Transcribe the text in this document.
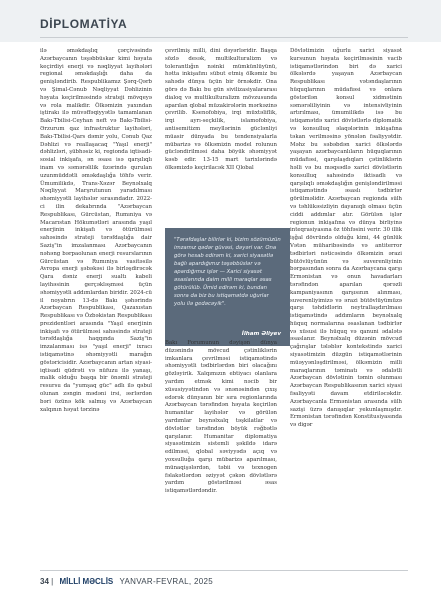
DİPLOMATİYA

ilə əməkdaşlıq çərçivəsində Azərbaycanın təşəbbüskar kimi həyata keçirdiyi enerji və nəqliyyat layihələri regional əməkdaşlığı daha da genişləndirib. Respublikamız Şərq-Qərb və Şimal-Cənub Nəqliyyat Dəhlizinin həyata keçirilməsində strateji mövqeyə və rola malikdir. Ölkəmizin yaxından iştirakı ilə müvəffəqiyyətlə tamamlanan Bakı-Tbilisi-Ceyhan neft və Bakı-Tbilisi-Ərzurum qaz infrastruktur layihələri, Bakı-Tbilisi-Qars dəmir yolu, Cənub Qaz Dəhlizi və reallaşacaq "Yaşıl enerji" dəhlizləri, şübhəsiz ki, regionda iqtisadi-sosial inkişafa, ən əsası isə qarşılıqlı inam və səmərəlilik üzərində qurulan uzunmüddətli əməkdaşlığa töhfə verir. Ümumilikdə, Trans-Xəzər Beynəlxalq Nəqliyyat Marşrutunun yaradılması əhəmiyyətli layihələr sırasındadır. 2022-ci ilin dekabrında "Azərbaycan Respublikası, Gürcüstan, Rumıniya və Macarıstan Hökumətləri arasında yaşıl enerjinin inkişafı və ötürülməsi sahəsində strateji tərəfdaşlığa dair Saziş"in imzalanması Azərbaycanın nəhəng bərpaolunan enerji resurslarının Gürcüstan və Rumıniya vasitəsilə Avropa enerji şəbəkəsi ilə birləşdirəcək Qara dəniz enerji sualtı kabeli layihəsinin gerçəkləşməsi üçün əhəmiyyətli addımlardan biridir. 2024-cü il noyabrın 13-də Bakı şəhərində Azərbaycan Respublikası, Qazaxıstan Respublikası və Özbəkistan Respublikası prezidentləri arasında "Yaşıl enerjinin inkişafı və ötürülməsi sahəsində strateji tərəfdaşlığa haqqında Saziş"in imzalanması isə "yaşıl enerji" ixracı istiqamətinə əhəmiyyətli marağın göstəricisidir. Azərbaycanın artan siyasi-iqtisadi qüdrəti və nüfuzu ilə yanaşı, malik olduğu başqa bir önəmli strateji resursu da "yumşaq güc" adlı ilə qəbul olunan zəngin mədəni irsi, əsrlərdən bəri özünə kök salmış və Azərbaycan xalqının həyat tərzinə

çevrilmiş milli, dini dəyərləridir. Başqa sözlə desək, multikulturalizm və tolerantlığın nəinki mümkünlüyünü, hətta inkişafını sübut etmiş ölkəmiz bu sahədə dünya üçün bir örnəkdir. Ona görə də Bakı bu gün sivilizasiyalararası dialoq və multikulturalizm mövzusunda aparılan qlobal müzakirələrin mərkəzinə çevrilib. Ksenofobiya, irqi müxtəliflik, irqi ayrı-seçkilik, islamofobiya, antisemitizm meyllərinin güclənliyi müasir dünyada bu tendensiyalarla mübarizə və ölkəmizin model rolunun gücləndirilməsi daha böyük əhəmiyyət kəsb edir. 13-15 mart tarixlərində ölkəmizdə keçirilacək XII Qlobal

"Tərəfdaşlar bilirlər ki, bizim sözümüzün imzamız qədər güvəsi, dəyəri var. Ona görə hesab edirəm ki, xarici siyasətlə bağlı apardığımız təşəbbüslər və apardığımız işlər — Xarici siyasət əsaslarında daim milli maraqlar əsas götürülüb. Ümid edirəm ki, bundan sonra da biz bu istiqamətdə uğurlar yolu ilə gedəcəyik".

İlham Əliyev

Bakı Forumunun dəyişən dünya düzənində mövcud çətinliklərin imkanlara çevrilməsi istiqamətində əhəmiyyətli tədbirlərdən biri olacağını gözləyirik. Xalqımızın ebtiyacı olanlara yardım etmək kimi nəcib bir xüsusiyyətindən və ənənəsindən çıxış edərək dünyanın bir sıra regionlarında Azərbaycan tərəfindən həyata keçirilən humanitar layihələr və görülən yardımlar beynəlxalq təşkilatlar və dövlətlər tərəfindən böyük rəğbətlə qarşılanır. Humanitar diplomatiya siyasətimizin sistemli şəkildə idarə edilməsi, qlobal səviyyədə açıq və yoxsulluğa qarşı mübarizə aparılması, münaqişələrdən, təbii və texnogen fəlakətlərdən əziyyət çəkən dövlətlərə yardım göstərilməsi əsas istiqamətlərdəndir.

Dövlətimizin uğurlu xarici siyasət kursunun həyata keçirilməsinin vacib istiqamətlərindən biri də xarici ölkələrdə yaşayan Azərbaycan Respublikası vətəndaşlarının hüquqlarının müdafiəsi və onlara göstərilən konsul xidmətinin səmərəliliyinin və intensivliyinin artırılması, ümumilikdə isə bu istiqamətdə xarici dövlətlərlə diplomatik və konsulluq əlaqələrinin inkişafına təkan verilməsinə yönələn fəaliyyətdir. Məhz bu səbəbdən xarici ölkələrdə yaşayan azərbaycanlıların hüquqlarının müdafiəsi, qarşılaşdıqları çətinliklərin həlli və bu məqsədlə xarici dövlətlərin konsulluq sahəsində iktisadlı və qarşılıqlı əməkdaşlığın genişləndirilməsi istiqamətində əsaslı tədbirlər görülməlidir. Azərbaycan regionda sülh və təhlükəsizliyin dayanıqlı olması üçün ciddi addımlar atır. Görülən işlər regionun inkişafına və dünya birliyinə inteqrasiyasına öz töhfəsini verir. 30 illik işğal dövründə olduğu kimi, 44 günlük Vətən müharibəsində və antiterror tədbirləri nəticəsində ölkəmizin ərazi bütövlüyünün və suverenliyinin bərpasından sonra da Azərbaycana qarşı Ermənistan və onun havadarları tərəfindən aparılan qərəzli kampaniyasının qarşısının alınması, suverenliyimizə və ərazi bütövlüyümüzə qarşı təhdidlərin neytrallaşdırılması istiqamətində addımların beynəlxalq hüquq normalarına əsaslanan tədbirlər və xüsusi ilə hüquq və qanuni ədalətə əsaslanır. Beynəlxalq düzənin mövcud çağırışlar tələblər kontekstində xarici siyasətimizin düzgün istiqamətlərinin müəyyənləşdirilməsi, ölkəmizin milli maraqlarının təminatı və ədalətli Azərbaycan dövlətinin təmin olunması Azərbaycan Respublikasının xarici siyasi fəaliyyəti davam etdiriləcəkdir. Azərbaycanla Ermənistan arasında sülh sazişi üzrə danışıqlar yekunlaşmışdır. Ermənistan tərəfindən Konstitusiyasında və digər

34 | MİLLİ MƏCLİS YANVAR-FEVRAL, 2025
